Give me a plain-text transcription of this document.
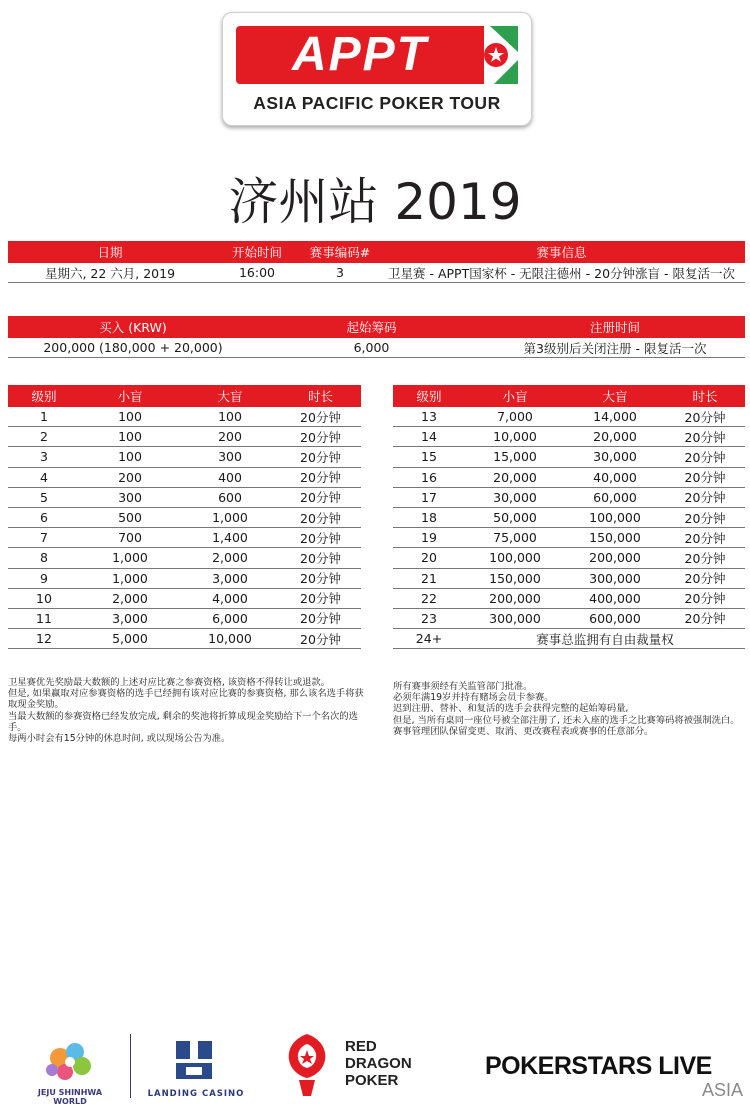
APPT
ASIA PACIFIC POKER TOUR
济州站 2019
日期	开始时间	赛事编码#	赛事信息
星期六, 22 六月, 2019	16:00	3	卫星赛 - APPT国家杯 - 无限注德州 - 20分钟涨盲 - 限复活一次
买入 (KRW)	起始筹码	注册时间
200,000 (180,000 + 20,000)	6,000	第3级别后关闭注册 - 限复活一次
级别	小盲	大盲	时长
1	100	100	20分钟
2	100	200	20分钟
3	100	300	20分钟
4	200	400	20分钟
5	300	600	20分钟
6	500	1,000	20分钟
7	700	1,400	20分钟
8	1,000	2,000	20分钟
9	1,000	3,000	20分钟
10	2,000	4,000	20分钟
11	3,000	6,000	20分钟
12	5,000	10,000	20分钟
级别	小盲	大盲	时长
13	7,000	14,000	20分钟
14	10,000	20,000	20分钟
15	15,000	30,000	20分钟
16	20,000	40,000	20分钟
17	30,000	60,000	20分钟
18	50,000	100,000	20分钟
19	75,000	150,000	20分钟
20	100,000	200,000	20分钟
21	150,000	300,000	20分钟
22	200,000	400,000	20分钟
23	300,000	600,000	20分钟
24+	赛事总监拥有自由裁量权		
卫星赛优先奖励最大数额的上述对应比赛之参赛资格, 该资格不得转让或退款。
但是, 如果赢取对应参赛资格的选手已经拥有该对应比赛的参赛资格, 那么该名选手将获取现金奖励。
当最大数额的参赛资格已经发放完成, 剩余的奖池将折算成现金奖励给下一个名次的选手。
每两小时会有15分钟的休息时间, 或以现场公告为准。
所有赛事须经有关监管部门批准。
必须年满19岁并持有赌场会员卡参赛。
迟到注册、替补、和复活的选手会获得完整的起始筹码量,
但是, 当所有桌同一座位号被全部注册了, 还未入座的选手之比赛筹码将被强制洗白。
赛事管理团队保留变更、取消、更改赛程表或赛事的任意部分。
JEJU SHINHWA WORLD
LANDING CASINO
RED
DRAGON
POKER
POKERSTARS LIVE
ASIA
